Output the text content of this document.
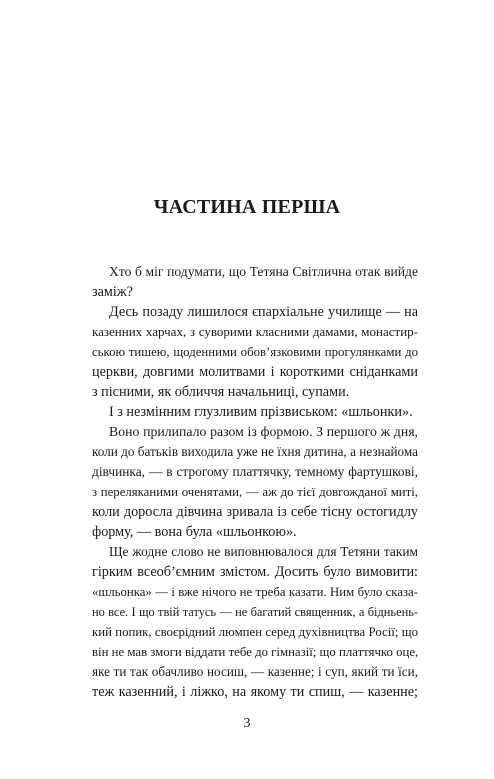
ЧАСТИНА ПЕРША
Хто б міг подумати, що Тетяна Світлична отак вийде
заміж?
Десь позаду лишилося єпархіальне училище — на
казенних харчах, з суворими класними дамами, монастир-
ською тишею, щоденними обов’язковими прогулянками до
церкви, довгими молитвами і короткими сніданками
з пісними, як обличчя начальниці, супами.
І з незмінним глузливим прізвиськом: «шльонки».
Воно прилипало разом із формою. З першого ж дня,
коли до батьків виходила уже не їхня дитина, а незнайома
дівчинка, — в строгому платтячку, темному фартушкові,
з переляканими оченятами, — аж до тієї довгожданої миті,
коли доросла дівчина зривала із себе тісну остогидлу
форму, — вона була «шльонкою».
Ще жодне слово не виповнювалося для Тетяни таким
гірким всеоб’ємним змістом. Досить було вимовити:
«шльонка» — і вже нічого не треба казати. Ним було сказа-
но все. І що твій татусь — не багатий священник, а бідньень-
кий попик, своєрідний люмпен серед духівництва Росії; що
він не мав змоги віддати тебе до гімназії; що платтячко оце,
яке ти так обачливо носиш, — казенне; і суп, який ти їси,
теж казенний, і ліжко, на якому ти спиш, — казенне;
3
